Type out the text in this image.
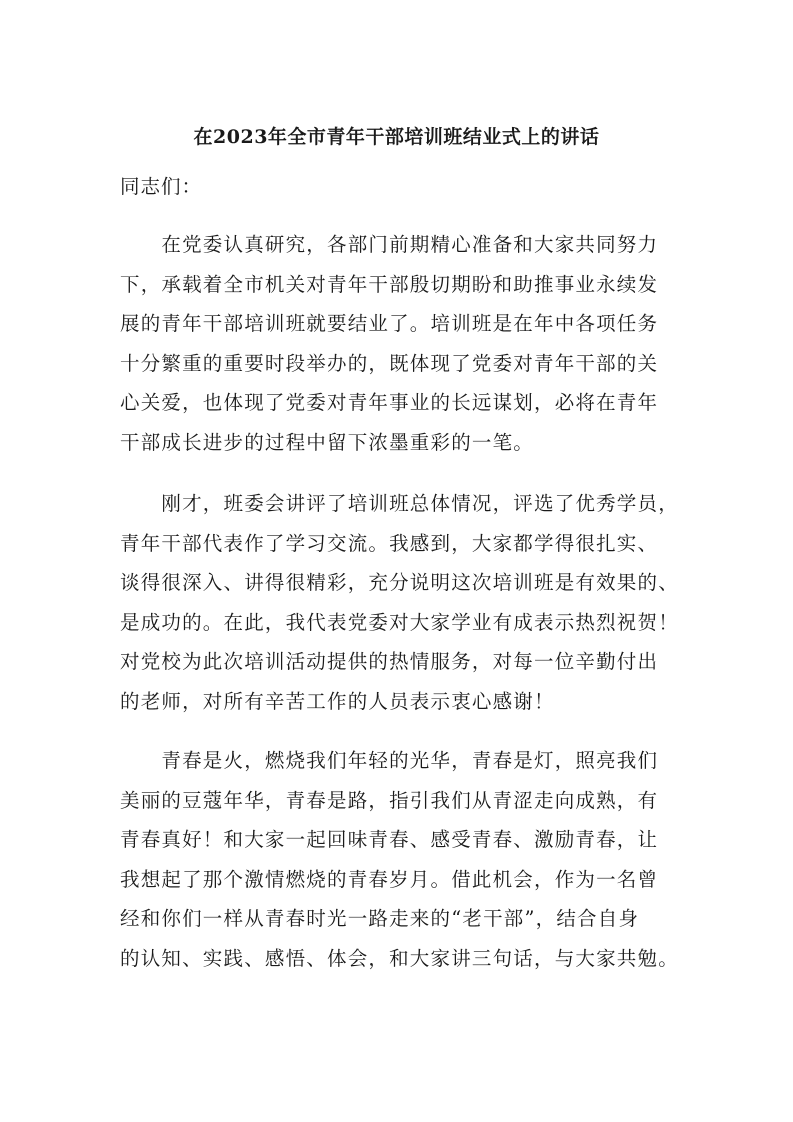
在2023年全市青年干部培训班结业式上的讲话
同志们：
　　在党委认真研究，各部门前期精心准备和大家共同努力
下，承载着全市机关对青年干部殷切期盼和助推事业永续发
展的青年干部培训班就要结业了。培训班是在年中各项任务
十分繁重的重要时段举办的，既体现了党委对青年干部的关
心关爱，也体现了党委对青年事业的长远谋划，必将在青年
干部成长进步的过程中留下浓墨重彩的一笔。
　　刚才，班委会讲评了培训班总体情况，评选了优秀学员，
青年干部代表作了学习交流。我感到，大家都学得很扎实、
谈得很深入、讲得很精彩，充分说明这次培训班是有效果的、
是成功的。在此，我代表党委对大家学业有成表示热烈祝贺！
对党校为此次培训活动提供的热情服务，对每一位辛勤付出
的老师，对所有辛苦工作的人员表示衷心感谢！
　　青春是火，燃烧我们年轻的光华，青春是灯，照亮我们
美丽的豆蔻年华，青春是路，指引我们从青涩走向成熟，有
青春真好！和大家一起回味青春、感受青春、激励青春，让
我想起了那个激情燃烧的青春岁月。借此机会，作为一名曾
经和你们一样从青春时光一路走来的“老干部”，结合自身
的认知、实践、感悟、体会，和大家讲三句话，与大家共勉。
